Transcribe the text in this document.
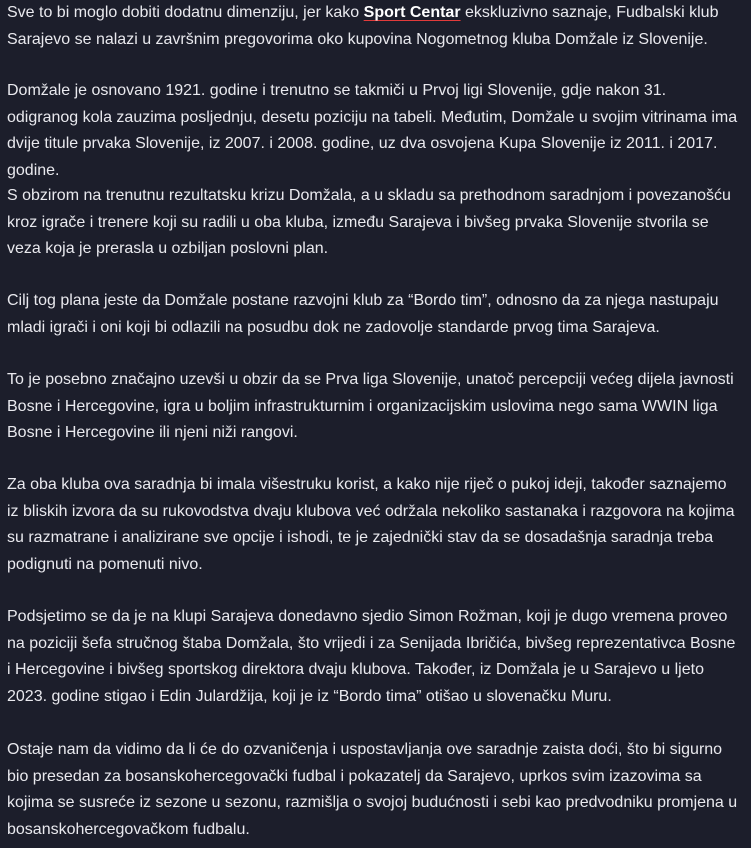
Sve to bi moglo dobiti dodatnu dimenziju, jer kako Sport Centar ekskluzivno saznaje, Fudbalski klub Sarajevo se nalazi u završnim pregovorima oko kupovina Nogometnog kluba Domžale iz Slovenije.

Domžale je osnovano 1921. godine i trenutno se takmiči u Prvoj ligi Slovenije, gdje nakon 31. odigranog kola zauzima posljednju, desetu poziciju na tabeli. Međutim, Domžale u svojim vitrinama ima dvije titule prvaka Slovenije, iz 2007. i 2008. godine, uz dva osvojena Kupa Slovenije iz 2011. i 2017. godine.

S obzirom na trenutnu rezultatsku krizu Domžala, a u skladu sa prethodnom saradnjom i povezanošću kroz igrače i trenere koji su radili u oba kluba, između Sarajeva i bivšeg prvaka Slovenije stvorila se veza koja je prerasla u ozbiljan poslovni plan.

Cilj tog plana jeste da Domžale postane razvojni klub za “Bordo tim”, odnosno da za njega nastupaju mladi igrači i oni koji bi odlazili na posudbu dok ne zadovolje standarde prvog tima Sarajeva.

To je posebno značajno uzevši u obzir da se Prva liga Slovenije, unatoč percepciji većeg dijela javnosti Bosne i Hercegovine, igra u boljim infrastrukturnim i organizacijskim uslovima nego sama WWIN liga Bosne i Hercegovine ili njeni niži rangovi.

Za oba kluba ova saradnja bi imala višestruku korist, a kako nije riječ o pukoj ideji, također saznajemo iz bliskih izvora da su rukovodstva dvaju klubova već održala nekoliko sastanaka i razgovora na kojima su razmatrane i analizirane sve opcije i ishodi, te je zajednički stav da se dosadašnja saradnja treba podignuti na pomenuti nivo.

Podsjetimo se da je na klupi Sarajeva donedavno sjedio Simon Rožman, koji je dugo vremena proveo na poziciji šefa stručnog štaba Domžala, što vrijedi i za Senijada Ibričića, bivšeg reprezentativca Bosne i Hercegovine i bivšeg sportskog direktora dvaju klubova. Također, iz Domžala je u Sarajevo u ljeto 2023. godine stigao i Edin Julardžija, koji je iz “Bordo tima” otišao u slovenačku Muru.

Ostaje nam da vidimo da li će do ozvaničenja i uspostavljanja ove saradnje zaista doći, što bi sigurno bio presedan za bosanskohercegovački fudbal i pokazatelj da Sarajevo, uprkos svim izazovima sa kojima se susreće iz sezone u sezonu, razmišlja o svojoj budućnosti i sebi kao predvodniku promjena u bosanskohercegovačkom fudbalu.
